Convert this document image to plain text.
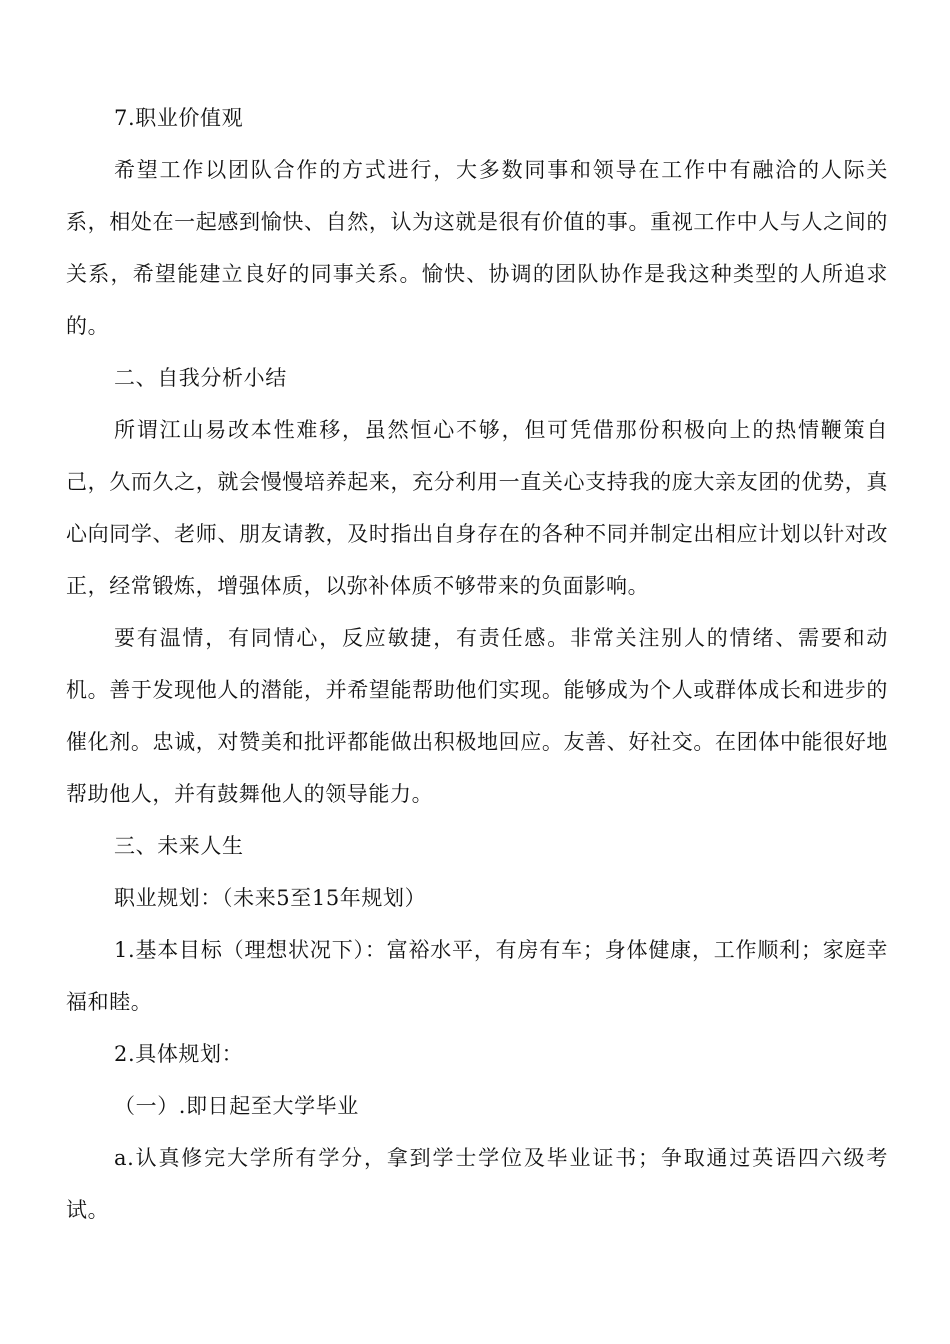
7.职业价值观

希望工作以团队合作的方式进行，大多数同事和领导在工作中有融洽的人际关系，相处在一起感到愉快、自然，认为这就是很有价值的事。重视工作中人与人之间的关系，希望能建立良好的同事关系。愉快、协调的团队协作是我这种类型的人所追求的。

二、自我分析小结

所谓江山易改本性难移，虽然恒心不够，但可凭借那份积极向上的热情鞭策自己，久而久之，就会慢慢培养起来，充分利用一直关心支持我的庞大亲友团的优势，真心向同学、老师、朋友请教，及时指出自身存在的各种不同并制定出相应计划以针对改正，经常锻炼，增强体质，以弥补体质不够带来的负面影响。

要有温情，有同情心，反应敏捷，有责任感。非常关注别人的情绪、需要和动机。善于发现他人的潜能，并希望能帮助他们实现。能够成为个人或群体成长和进步的催化剂。忠诚，对赞美和批评都能做出积极地回应。友善、好社交。在团体中能很好地帮助他人，并有鼓舞他人的领导能力。

三、未来人生

职业规划：（未来5至15年规划）

1.基本目标（理想状况下）：富裕水平，有房有车；身体健康，工作顺利；家庭幸福和睦。

2.具体规划：

（一）.即日起至大学毕业

a.认真修完大学所有学分，拿到学士学位及毕业证书；争取通过英语四六级考试。
